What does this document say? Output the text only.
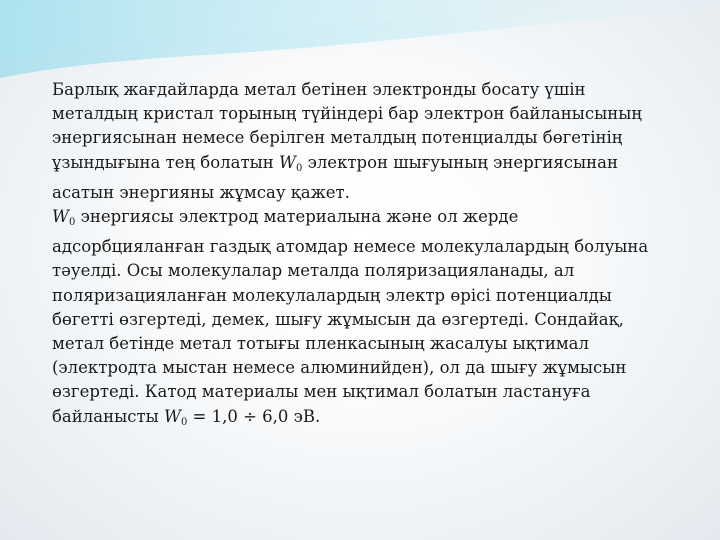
Барлық жағдайларда метал бетінен электронды босату үшін
металдың кристал торының түйіндері бар электрон байланысының
энергиясынан немесе берілген металдың потенциалды бөгетінің
ұзындығына тең болатын $W_0$ электрон шығуының энергиясынан
асатын энергияны жұмсау қажет.
$W_0$ энергиясы электрод материалына және ол жерде
адсорбцияланған газдық атомдар немесе молекулалардың болуына
тәуелді. Осы молекулалар металда поляризацияланады, ал
поляризацияланған молекулалардың электр өрісі потенциалды
бөгетті өзгертеді, демек, шығу жұмысын да өзгертеді. Сондайақ,
метал бетінде метал тотығы пленкасының жасалуы ықтимал
(электродта мыстан немесе алюминийден), ол да шығу жұмысын
өзгертеді. Катод материалы мен ықтимал болатын ластануға
байланысты $W_0 = 1,0 \div 6,0$ эВ.
